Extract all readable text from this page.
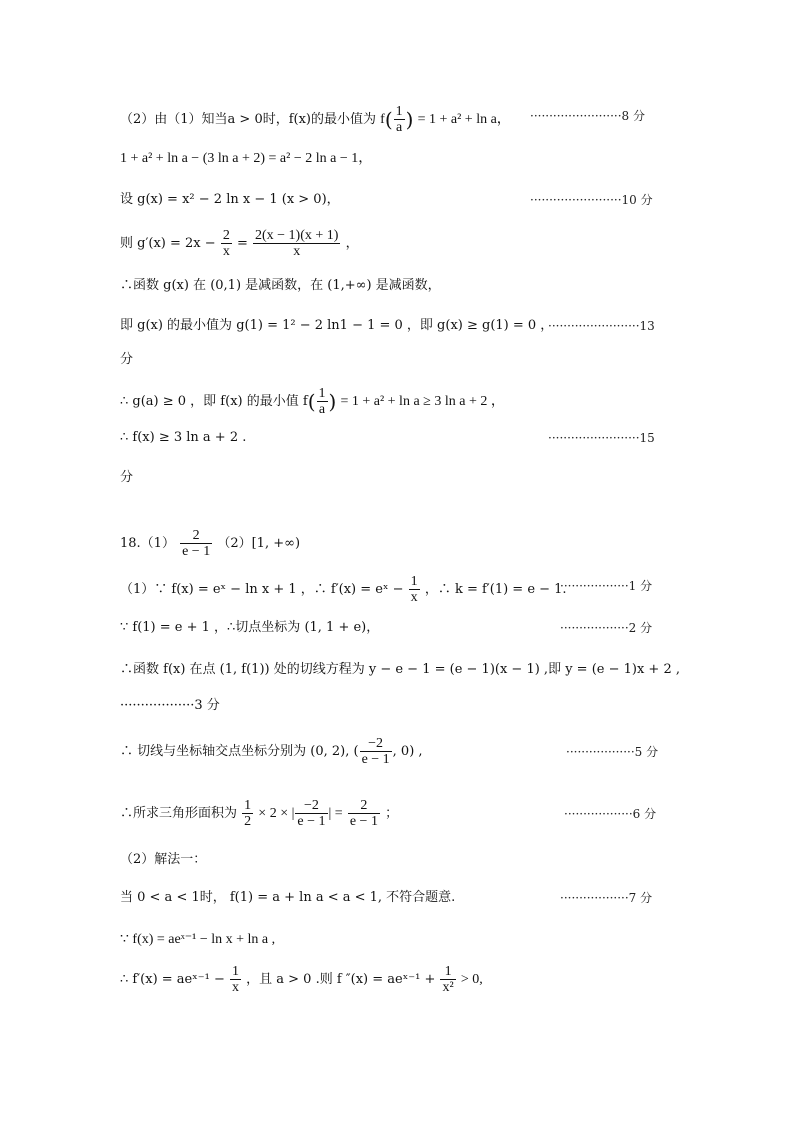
（2）由（1）知当a > 0时，f(x)的最小值为 $f( \frac{1}{a}$ ) = 1 + a² + ln a， ························8 分
1 + a² + ln a − (3 ln a + 2) = a² − 2 ln a − 1，
设 g(x) = x² − 2 ln x − 1 (x > 0)，	························10 分
则 $g'(x) = 2x - \frac{2}{x} = \frac{2(x - 1)(x + 1)}{x}$ ，
∴函数 g(x) 在 (0,1) 是减函数，在 (1,+∞) 是减函数，
即 g(x) 的最小值为 g(1) = 1² − 2 ln1 − 1 = 0 ，即 g(x) ≥ g(1) = 0 ，
························13
分
∴ g(a) ≥ 0 ，即 f(x) 的最小值 $f( \frac{1}{a}$ ) = 1 + a² + ln a ≥ 3 ln a + 2 ，
∴ f(x) ≥ 3 ln a + 2 .	························15
分
$18.(1) \frac{2}{e - 1} (2)[1$, +∞)
（1）∵ f(x) = eˣ − ln x + 1 ，∴ f′(x) = eˣ − $\frac{1}{x}$ ，∴ k = f′(1) = e − 1.
··················1 分
∵ f(1) = e + 1 ，∴切点坐标为 (1, 1 + e)，	··················2 分
∴函数 f(x) 在点 (1, f(1)) 处的切线方程为 y − e − 1 = (e − 1)(x − 1) ,即 y = (e − 1)x + 2 ,
··················3 分
∴ 切线与坐标轴交点坐标分别为 (0, 2), ( $\frac{-2}{e - 1}$ , 0) ,	··················5 分
∴所求三角形面积为 $\frac{1}{2} \times 2$ × | $\frac{-2}{e - 1}$ | = $\frac{2}{e - 1}$ ；	··················6 分
（2）解法一：
当 0 < a < 1时， f(1) = a + ln a < a < 1, 不符合题意.	··················7 分
∵ f(x) = aeˣ⁻¹ − ln x + ln a ,
∴ f′(x) = aeˣ⁻¹ − $\frac{1}{x}$ ，且 a > 0 .则 f ″(x) = aeˣ⁻¹ + $\frac{1}{\text{x²}} > 0$,
